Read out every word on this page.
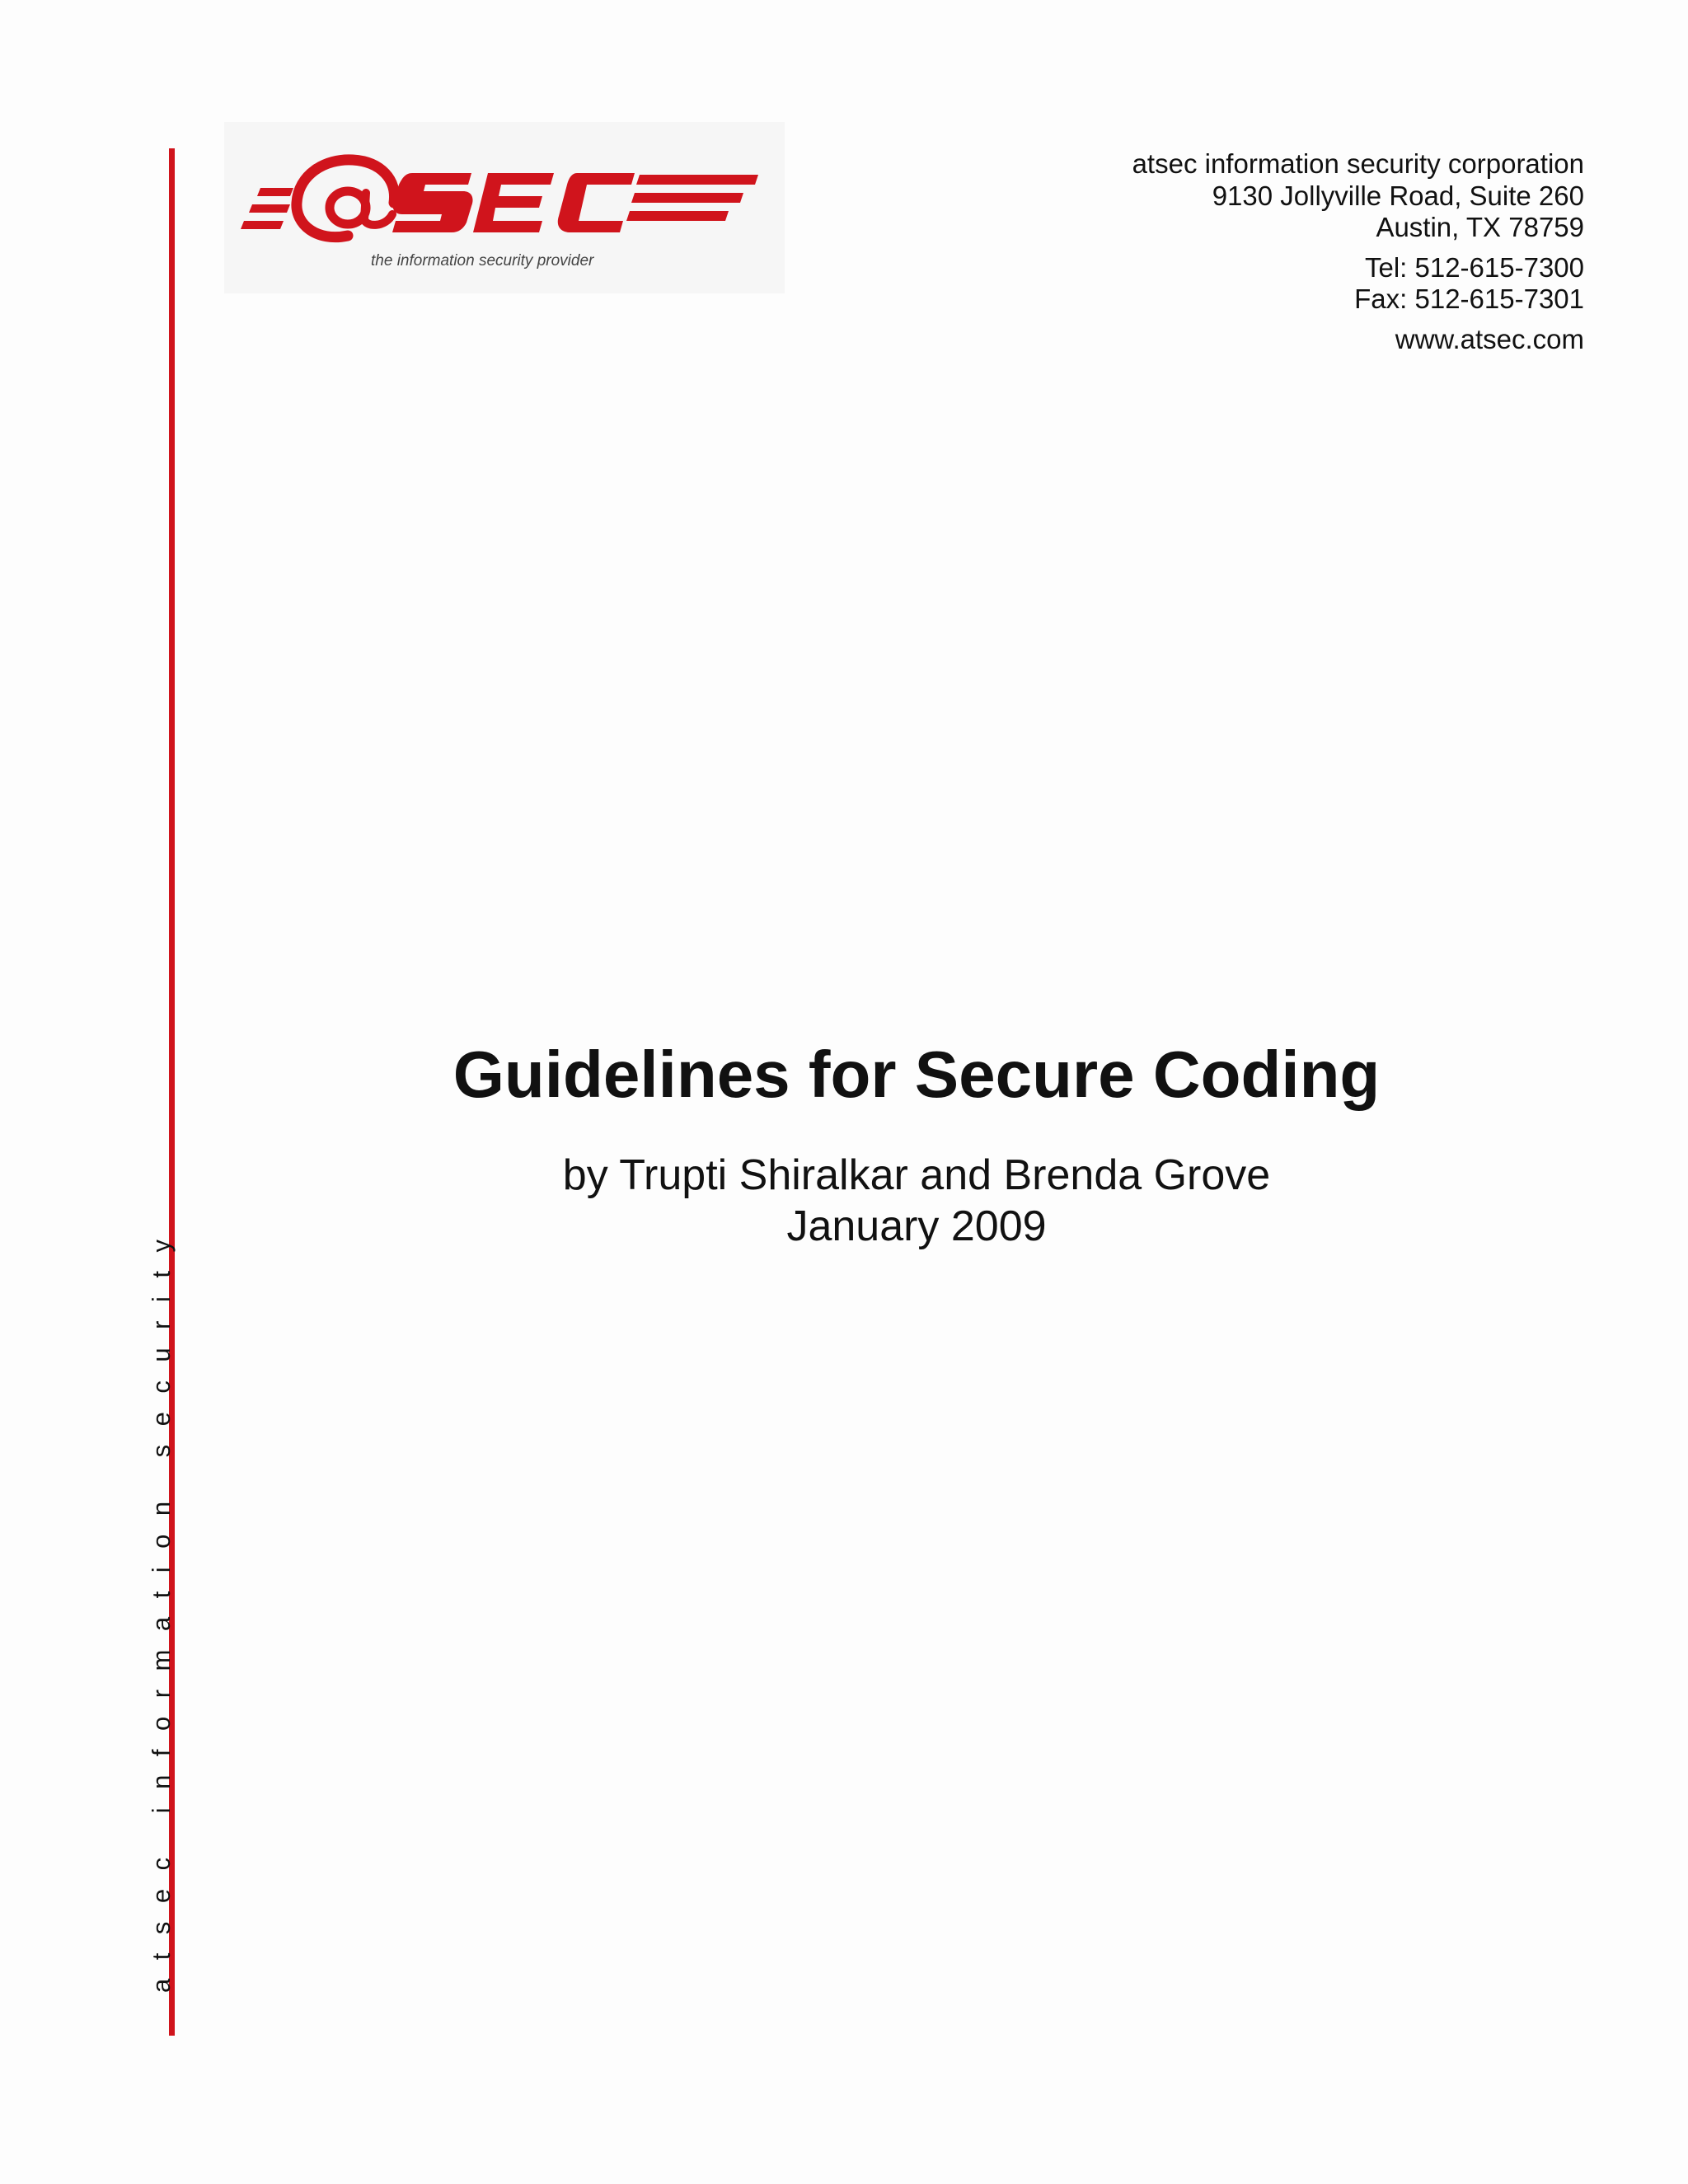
atsec information security
the information security provider
atsec information security corporation
9130 Jollyville Road, Suite 260
Austin, TX 78759
Tel: 512-615-7300
Fax: 512-615-7301
www.atsec.com
Guidelines for Secure Coding
by Trupti Shiralkar and Brenda Grove
January 2009
